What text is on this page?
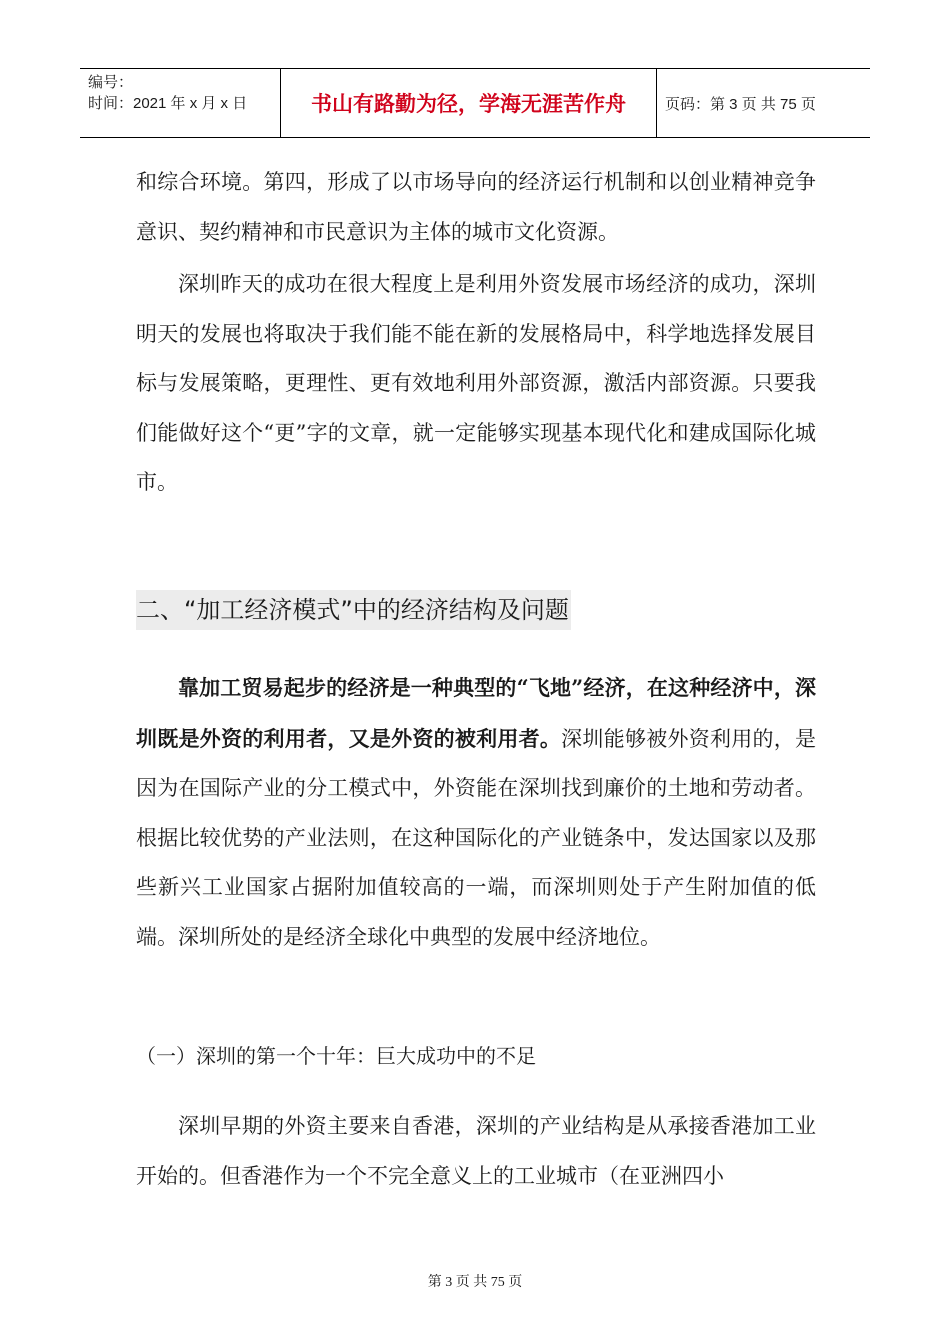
编号：
时间：2021 年 x 月 x 日	书山有路勤为径，学海无涯苦作舟	页码：第 3 页 共 75 页

和综合环境。第四，形成了以市场导向的经济运行机制和以创业精神竞争意识、契约精神和市民意识为主体的城市文化资源。

深圳昨天的成功在很大程度上是利用外资发展市场经济的成功，深圳明天的发展也将取决于我们能不能在新的发展格局中，科学地选择发展目标与发展策略，更理性、更有效地利用外部资源，激活内部资源。只要我们能做好这个“更”字的文章，就一定能够实现基本现代化和建成国际化城市。

二、“加工经济模式”中的经济结构及问题

靠加工贸易起步的经济是一种典型的“飞地”经济，在这种经济中，深圳既是外资的利用者，又是外资的被利用者。深圳能够被外资利用的，是因为在国际产业的分工模式中，外资能在深圳找到廉价的土地和劳动者。根据比较优势的产业法则，在这种国际化的产业链条中，发达国家以及那些新兴工业国家占据附加值较高的一端，而深圳则处于产生附加值的低端。深圳所处的是经济全球化中典型的发展中经济地位。

（一）深圳的第一个十年：巨大成功中的不足

深圳早期的外资主要来自香港，深圳的产业结构是从承接香港加工业开始的。但香港作为一个不完全意义上的工业城市（在亚洲四小

第 3 页 共 75 页
